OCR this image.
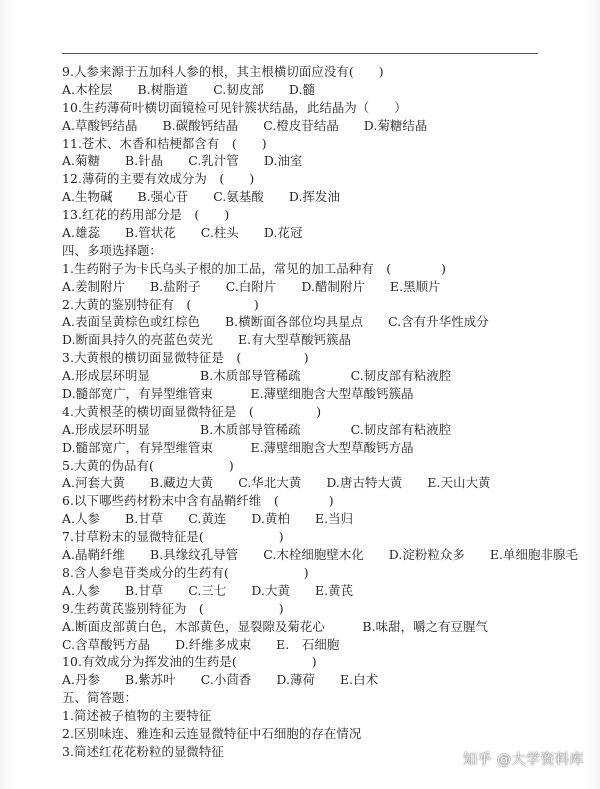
9.人参来源于五加科人参的根，其主根横切面应没有(　　)
A.木栓层　　B.树脂道　　C.韧皮部　　D.髓
10.生药薄荷叶横切面镜检可见针簇状结晶，此结晶为（　　）
A.草酸钙结晶　　B.碳酸钙结晶　　C.橙皮苷结晶　　D.菊糖结晶
11.苍术、木香和桔梗都含有　(　　)
A.菊糖　　B.针晶　　C.乳汁管　　D.油室
12.薄荷的主要有效成分为　(　　)
A.生物碱　　B.强心苷　　C.氨基酸　　D.挥发油
13.红花的药用部分是　(　　)
A.雄蕊　　B.管状花　　C.柱头　　D.花冠
四、多项选择题：
1.生药附子为卡氏乌头子根的加工品，常见的加工品种有　(　　　　)
A.姜制附片　　B.盐附子　　C.白附片　　D.醋制附片　　E.黑顺片
2.大黄的鉴别特征有　(　　　　　)
A.表面呈黄棕色或红棕色　　B.横断面各部位均具星点　　C.含有升华性成分
D.断面具持久的亮蓝色荧光　　E.有大型草酸钙簇晶
3.大黄根的横切面显微特征是　(　　　　　)
A.形成层环明显　　　　B.木质部导管稀疏　　　　C.韧皮部有粘液腔
D.髓部宽广，有异型维管束　　　E.薄壁细胞含大型草酸钙簇晶
4.大黄根茎的横切面显微特征是　(　　　　　)
A.形成层环明显　　　　B.木质部导管稀疏　　　　C.韧皮部有粘液腔
D.髓部宽广，有异型维管束　　　E.薄壁细胞含大型草酸钙方晶
5.大黄的伪品有(　　　　　　)
A.河套大黄　　B.藏边大黄　　C.华北大黄　　D.唐古特大黄　　E.天山大黄
6.以下哪些药材粉末中含有晶鞘纤维　(　　　　)
A.人参　　B.甘草　　C.黄连　　D.黄柏　　E.当归
7.甘草粉末的显微特征是(　　　　　　)
A.晶鞘纤维　　B.具缘纹孔导管　　C.木栓细胞壁木化　　D.淀粉粒众多　　E.单细胞非腺毛
8.含人参皂苷类成分的生药有(　　　　　　)
A.人参　　B.甘草　　C.三七　　D.大黄　　E.黄芪
9.生药黄芪鉴别特征为　(　　　　　　)
A.断面皮部黄白色，木部黄色，显裂隙及菊花心　　　B.味甜，嚼之有豆腥气
C.含草酸钙方晶　　D.纤维多成束　　E.　石细胞
10.有效成分为挥发油的生药是(　　　　　　)
A.丹参　　B.紫苏叶　　C.小茴香　　D.薄荷　　E.白术
五、简答题：
1.简述被子植物的主要特征
2.区别味连、雅连和云连显微特征中石细胞的存在情况
3.简述红花花粉粒的显微特征
知乎 @大学资料库
